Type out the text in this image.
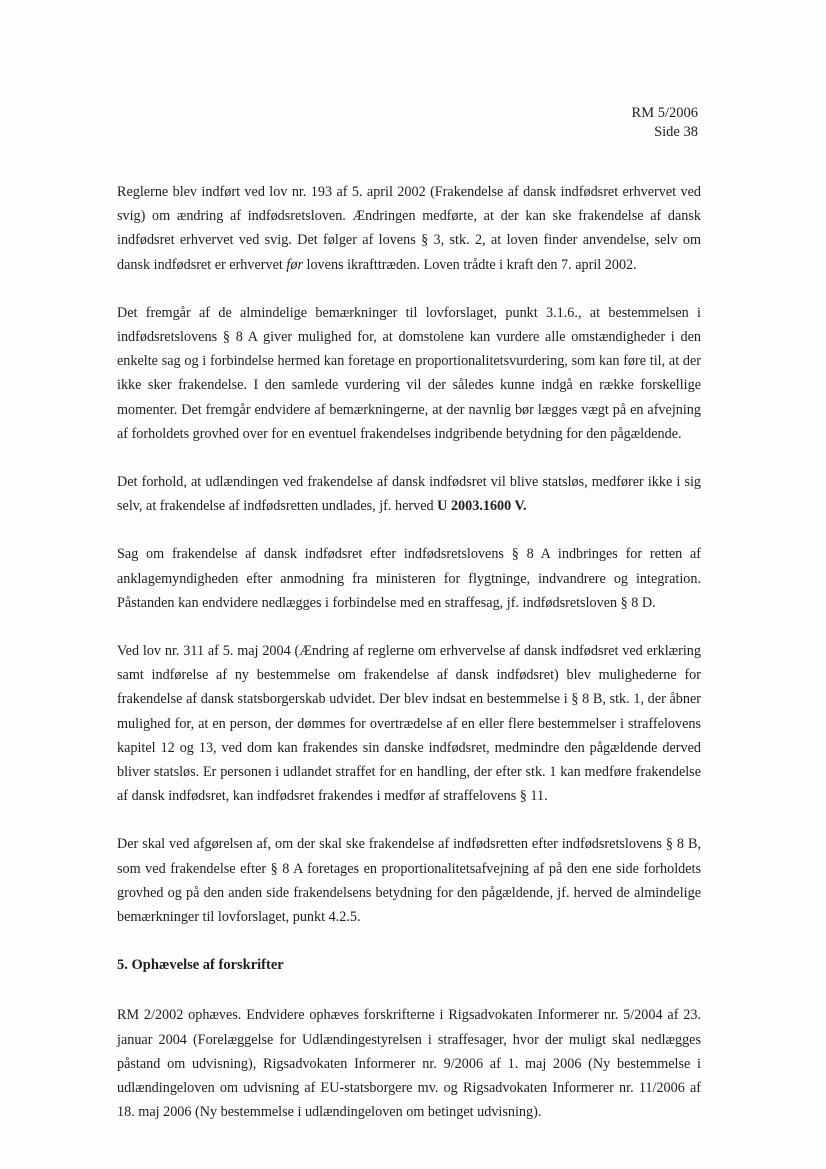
RM 5/2006
Side 38

Reglerne blev indført ved lov nr. 193 af 5. april 2002 (Frakendelse af dansk indfødsret erhvervet ved svig) om ændring af indfødsretsloven. Ændringen medførte, at der kan ske frakendelse af dansk indfødsret erhvervet ved svig. Det følger af lovens § 3, stk. 2, at loven finder anvendelse, selv om dansk indfødsret er erhvervet før lovens ikrafttræden. Loven trådte i kraft den 7. april 2002.

Det fremgår af de almindelige bemærkninger til lovforslaget, punkt 3.1.6., at bestemmelsen i indfødsretslovens § 8 A giver mulighed for, at domstolene kan vurdere alle omstændigheder i den enkelte sag og i forbindelse hermed kan foretage en proportionalitetsvurdering, som kan føre til, at der ikke sker frakendelse. I den samlede vurdering vil der således kunne indgå en række forskellige momenter. Det fremgår endvidere af bemærkningerne, at der navnlig bør lægges vægt på en afvejning af forholdets grovhed over for en eventuel frakendelses indgribende betydning for den pågældende.

Det forhold, at udlændingen ved frakendelse af dansk indfødsret vil blive statsløs, medfører ikke i sig selv, at frakendelse af indfødsretten undlades, jf. herved U 2003.1600 V.

Sag om frakendelse af dansk indfødsret efter indfødsretslovens § 8 A indbringes for retten af anklagemyndigheden efter anmodning fra ministeren for flygtninge, indvandrere og integration. Påstanden kan endvidere nedlægges i forbindelse med en straffesag, jf. indfødsretsloven § 8 D.

Ved lov nr. 311 af 5. maj 2004 (Ændring af reglerne om erhvervelse af dansk indfødsret ved erklæring samt indførelse af ny bestemmelse om frakendelse af dansk indfødsret) blev mulighederne for frakendelse af dansk statsborgerskab udvidet. Der blev indsat en bestemmelse i § 8 B, stk. 1, der åbner mulighed for, at en person, der dømmes for overtrædelse af en eller flere bestemmelser i straffelovens kapitel 12 og 13, ved dom kan frakendes sin danske indfødsret, medmindre den pågældende derved bliver statsløs. Er personen i udlandet straffet for en handling, der efter stk. 1 kan medføre frakendelse af dansk indfødsret, kan indfødsret frakendes i medfør af straffelovens § 11.

Der skal ved afgørelsen af, om der skal ske frakendelse af indfødsretten efter indfødsretslovens § 8 B, som ved frakendelse efter § 8 A foretages en proportionalitetsafvejning af på den ene side forholdets grovhed og på den anden side frakendelsens betydning for den pågældende, jf. herved de almindelige bemærkninger til lovforslaget, punkt 4.2.5.

5. Ophævelse af forskrifter

RM 2/2002 ophæves. Endvidere ophæves forskrifterne i Rigsadvokaten Informerer nr. 5/2004 af 23. januar 2004 (Forelæggelse for Udlændingestyrelsen i straffesager, hvor der muligt skal nedlægges påstand om udvisning), Rigsadvokaten Informerer nr. 9/2006 af 1. maj 2006 (Ny bestemmelse i udlændingeloven om udvisning af EU-statsborgere mv. og Rigsadvokaten Informerer nr. 11/2006 af 18. maj 2006 (Ny bestemmelse i udlændingeloven om betinget udvisning).
